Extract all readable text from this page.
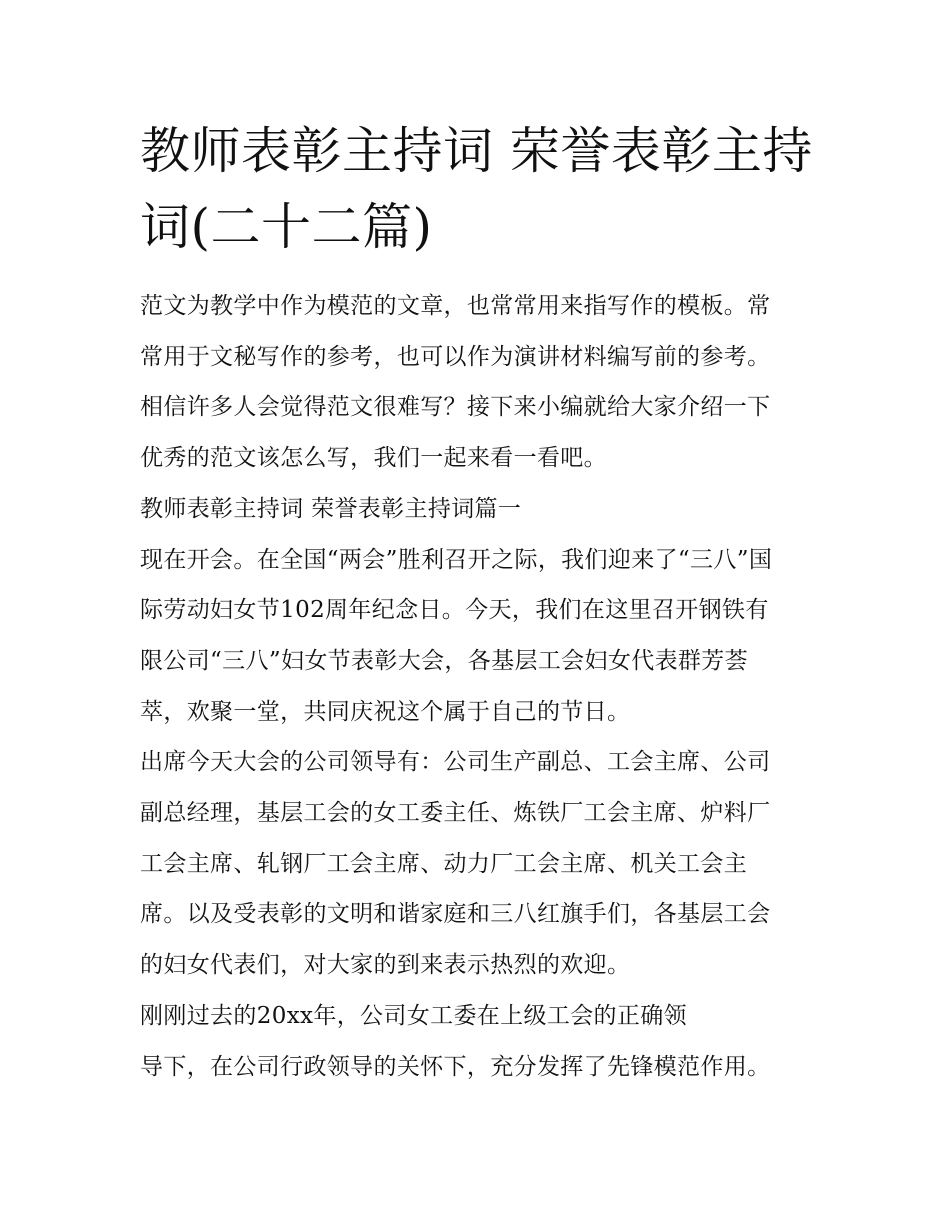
教师表彰主持词 荣誉表彰主持
词(二十二篇)

范文为教学中作为模范的文章，也常常用来指写作的模板。常
常用于文秘写作的参考，也可以作为演讲材料编写前的参考。
相信许多人会觉得范文很难写？接下来小编就给大家介绍一下
优秀的范文该怎么写，我们一起来看一看吧。

教师表彰主持词 荣誉表彰主持词篇一

现在开会。在全国“两会”胜利召开之际，我们迎来了“三八”国
际劳动妇女节102周年纪念日。今天，我们在这里召开钢铁有
限公司“三八”妇女节表彰大会，各基层工会妇女代表群芳荟
萃，欢聚一堂，共同庆祝这个属于自己的节日。

出席今天大会的公司领导有：公司生产副总、工会主席、公司
副总经理，基层工会的女工委主任、炼铁厂工会主席、炉料厂
工会主席、轧钢厂工会主席、动力厂工会主席、机关工会主
席。以及受表彰的文明和谐家庭和三八红旗手们，各基层工会
的妇女代表们，对大家的到来表示热烈的欢迎。

刚刚过去的20xx年，公司女工委在上级工会的正确领
导下，在公司行政领导的关怀下，充分发挥了先锋模范作用。
